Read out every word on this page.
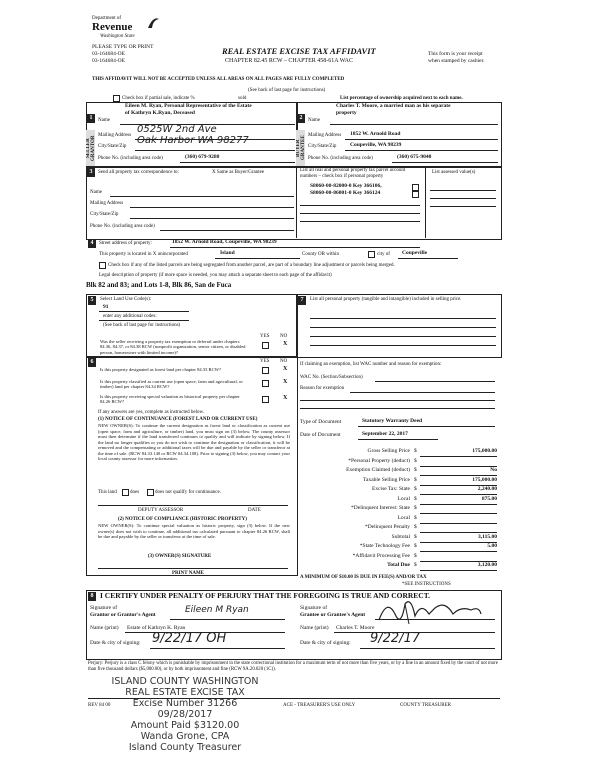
Department of
Revenue
Washington State
PLEASE TYPE OR PRINT
03-164684-OE
03-164684-OE
REAL ESTATE EXCISE TAX AFFIDAVIT
CHAPTER 82.45 RCW – CHAPTER 458-61A WAC
This form is your receipt
when stamped by cashier.
THIS AFFIDAVIT WILL NOT BE ACCEPTED UNLESS ALL AREAS ON ALL PAGES ARE FULLY COMPLETED
(See back of last page for instructions)
Check box if partial sale, indicate %	sold	List percentage of ownership acquired next to each name.
SELLER GRANTOR	BUYER GRANTEE
1	2
Name
Eileen M. Ryan, Personal Representative of the Estate
of Kathryn K.Ryan, Deceased
Mailing Address
0525W 2nd Ave
City/State/Zip
Oak Harbor WA 98277
Phone No. (including area code)	(360) 679-9280
Name
Charles T. Moore, a married man as his separate
property
Mailing Address 1852 W. Arnold Road
City/State/Zip Coupeville, WA 98239
Phone No. (including area code)	(360) 675-9040
3	Send all property tax correspondence to:	X Same as Buyer/Grantee
Name
Mailing Address
City/State/Zip
Phone No. (including area code)
List all real and personal property tax parcel account numbers – check box if personal property
List assessed value(s)
S8060-00-82000-0 Key 366106,
S8060-00-86001-0 Key 366124
4	Street address of property:	1852 W. Arnold Road, Coupeville, WA 98239
This property is located in X unincorporated	Island	County OR within	city of Coupeville
Check box if any of the listed parcels are being segregated from another parcel, are part of a boundary line adjustment or parcels being merged.
Legal description of property (if more space is needed, you may attach a separate sheet to each page of the affidavit)
Blk 82 and 83; and Lots 1-8, Blk 86, San de Fuca
5	Select Land Use Code(s):
91
enter any additional codes:
(See back of last page for instructions)
YES NO
Was the seller receiving a property tax exemption or deferral under chapters 84.36, 84.37, or 84.38 RCW (nonprofit organization, senior citizen, or disabled person, homeowner with limited income)?
X
6	YES NO
Is this property designated as forest land per chapter 84.33 RCW?	X
Is this property classified as current use (open space, farm and agricultural, or timber) land per chapter 84.34 RCW?
X
Is this property receiving special valuation as historical property per chapter 84.26 RCW?
X
If any answers are yes, complete as instructed below.
(1) NOTICE OF CONTINUANCE (FOREST LAND OR CURRENT USE)
NEW OWNER(S): To continue the current designation as forest land or classification as current use (open space, farm and agriculture, or timber) land, you must sign on (3) below. The county assessor must then determine if the land transferred continues to qualify and will indicate by signing below. If the land no longer qualifies or you do not wish to continue the designation or classification, it will be removed and the compensating or additional taxes will be due and payable by the seller or transferor at the time of sale. (RCW 84.33.140 or RCW 84.34.108). Prior to signing (3) below, you may contact your local county assessor for more information.
This land	does	does not qualify for continuance.
DEPUTY ASSESSOR	DATE
(2) NOTICE OF COMPLIANCE (HISTORIC PROPERTY)
NEW OWNER(S): To continue special valuation as historic property, sign (3) below. If the new owner(s) does not wish to continue, all additional tax calculated pursuant to chapter 84.26 RCW, shall be due and payable by the seller or transferor at the time of sale.
(3) OWNER(S) SIGNATURE
PRINT NAME
7	List all personal property (tangible and intangible) included in selling price.
If claiming an exemption, list WAC number and reason for exemption:
WAC No. (Section/Subsection)
Reason for exemption
Type of Document	Statutory Warranty Deed
Date of Document	September 22, 2017
Gross Selling Price $	175,000.00
*Personal Property (deduct) $
Exemption Claimed (deduct) $	No
Taxable Selling Price $	175,000.00
Excise Tax: State $	2,240.00
Local $	875.00
*Delinquent Interest: State $
Local $
*Delinquent Penalty $
Subtotal $	3,115.00
*State Technology Fee $	5.00
*Affidavit Processing Fee $
Total Due $	3,120.00
A MINIMUM OF $10.00 IS DUE IN FEE(S) AND/OR TAX
*SEE INSTRUCTIONS
8 I CERTIFY UNDER PENALTY OF PERJURY THAT THE FOREGOING IS TRUE AND CORRECT.
Signature of
Grantor or Grantor's Agent	Eileen M Ryan
Name (print) Estate of Kathryn K. Ryan
Date & city of signing: 9/22/17 OH
Signature of
Grantee or Grantee's Agent
Name (print) Charles T. Moore
Date & city of signing: 9/22/17
Perjury: Perjury is a class C felony which is punishable by imprisonment in the state correctional institution for a maximum term of not more than five years, or by a fine in an amount fixed by the court of not more than five thousand dollars ($5,000.00), or by both imprisonment and fine (RCW 9A.20.020 (1C)).
REV 84 00	ACE - TREASURER'S USE ONLY	COUNTY TREASURER
ISLAND COUNTY WASHINGTON
REAL ESTATE EXCISE TAX
Excise Number 31266
09/28/2017
Amount Paid $3120.00
Wanda Grone, CPA
Island County Treasurer
